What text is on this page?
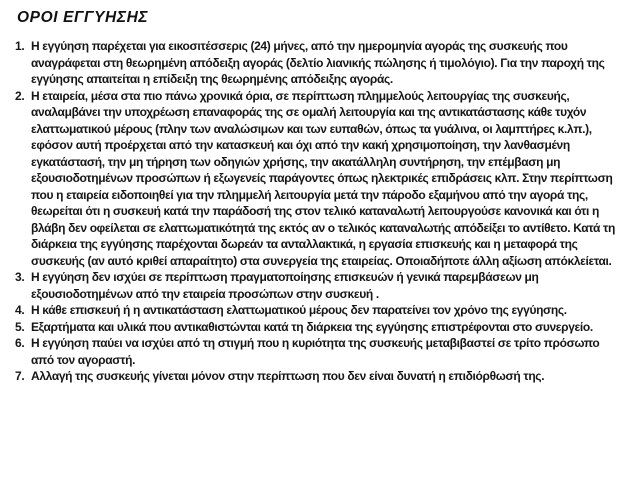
ΟΡΟΙ ΕΓΓΥΗΣΗΣ
1. Η εγγύηση παρέχεται για εικοσιτέσσερις (24) μήνες, από την ημερομηνία αγοράς της συσκευής που αναγράφεται στη θεωρημένη απόδειξη αγοράς (δελτίο λιανικής πώλησης ή τιμολόγιο). Για την παροχή της εγγύησης απαιτείται η επίδειξη της θεωρημένης απόδειξης αγοράς.
2. Η εταιρεία, μέσα στα πιο πάνω χρονικά όρια, σε περίπτωση πλημμελούς λειτουργίας της συσκευής, αναλαμβάνει την υποχρέωση επαναφοράς της σε ομαλή λειτουργία και της αντικατάστασης κάθε τυχόν ελαττωματικού μέρους (πλην των αναλώσιμων και των ευπαθών, όπως τα γυάλινα, οι λαμπτήρες κ.λπ.), εφόσον αυτή προέρχεται από την κατασκευή και όχι από την κακή χρησιμοποίηση, την λανθασμένη εγκατάστασή, την μη τήρηση των οδηγιών χρήσης, την ακατάλληλη συντήρηση, την επέμβαση μη εξουσιοδοτημένων προσώπων ή εξωγενείς παράγοντες όπως ηλεκτρικές επιδράσεις κλπ. Στην περίπτωση που η εταιρεία ειδοποιηθεί για την πλημμελή λειτουργία μετά την πάροδο εξαμήνου από την αγορά της, θεωρείται ότι η συσκευή κατά την παράδοσή της στον τελικό καταναλωτή λειτουργούσε κανονικά και ότι η βλάβη δεν οφείλεται σε ελαττωματικότητά της εκτός αν ο τελικός καταναλωτής απόδείξει το αντίθετο. Κατά τη διάρκεια της εγγύησης παρέχονται δωρεάν τα ανταλλακτικά, η εργασία επισκευής και η μεταφορά της συσκευής (αν αυτό κριθεί απαραίτητο) στα συνεργεία της εταιρείας. Οποιαδήποτε άλλη αξίωση απόκλείεται.
3. Η εγγύηση δεν ισχύει σε περίπτωση πραγματοποίησης επισκευών ή γενικά παρεμβάσεων μη εξουσιοδοτημένων από την εταιρεία προσώπων στην συσκευή .
4. Η κάθε επισκευή ή η αντικατάσταση ελαττωματικού μέρους δεν παρατείνει τον χρόνο της εγγύησης.
5. Εξαρτήματα και υλικά που αντικαθιστώνται κατά τη διάρκεια της εγγύησης επιστρέφονται στο συνεργείο.
6. Η εγγύηση παύει να ισχύει από τη στιγμή που η κυριότητα της συσκευής μεταβιβαστεί σε τρίτο πρόσωπο από τον αγοραστή.
7. Αλλαγή της συσκευής γίνεται μόνον στην περίπτωση που δεν είναι δυνατή η επιδιόρθωσή της.
